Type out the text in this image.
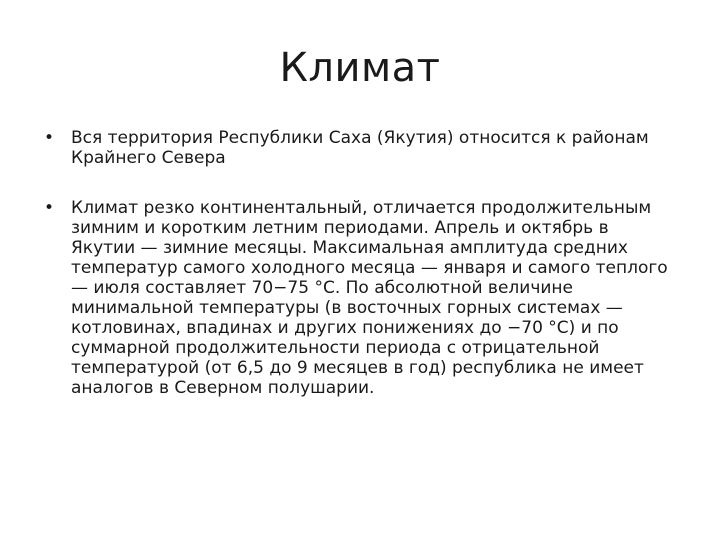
Климат
• Вся территория Республики Саха (Якутия) относится к районам Крайнего Севера
• Климат резко континентальный, отличается продолжительным зимним и коротким летним периодами. Апрель и октябрь в Якутии — зимние месяцы. Максимальная амплитуда средних температур самого холодного месяца — января и самого теплого — июля составляет 70−75 °С. По абсолютной величине минимальной температуры (в восточных горных системах — котловинах, впадинах и других понижениях до −70 °С) и по суммарной продолжительности периода с отрицательной температурой (от 6,5 до 9 месяцев в год) республика не имеет аналогов в Северном полушарии.
